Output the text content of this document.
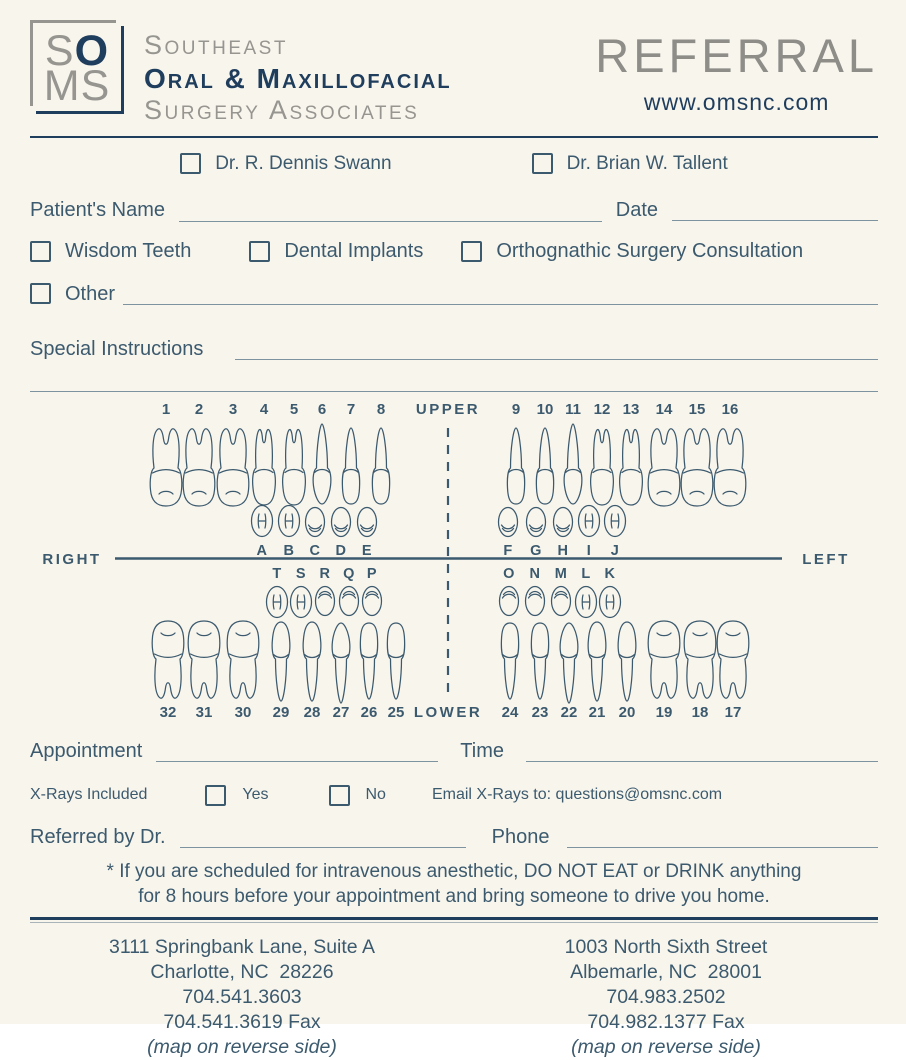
SO
MS
Southeast
Oral & Maxillofacial
Surgery Associates
REFERRAL
www.omsnc.com
Dr. R. Dennis Swann	Dr. Brian W. Tallent
Patient's Name	Date
Wisdom Teeth	Dental Implants	Orthognathic Surgery Consultation
Other
Special Instructions
1 2 3 4 5 6 7 8 UPPER 9 10 11 12 13 14 15 16
A B C D E	F G H I J
RIGHT	LEFT
T S R Q P	O N M L K
32 31 30 29 28 27 26 25 LOWER 24 23 22 21 20 19 18 17
Appointment	Time
X-Rays Included	Yes	No	Email X-Rays to: questions@omsnc.com
Referred by Dr.	Phone
* If you are scheduled for intravenous anesthetic, DO NOT EAT or DRINK anything
for 8 hours before your appointment and bring someone to drive you home.
3111 Springbank Lane, Suite A
Charlotte, NC  28226
704.541.3603
704.541.3619 Fax
(map on reverse side)
1003 North Sixth Street
Albemarle, NC  28001
704.983.2502
704.982.1377 Fax
(map on reverse side)
